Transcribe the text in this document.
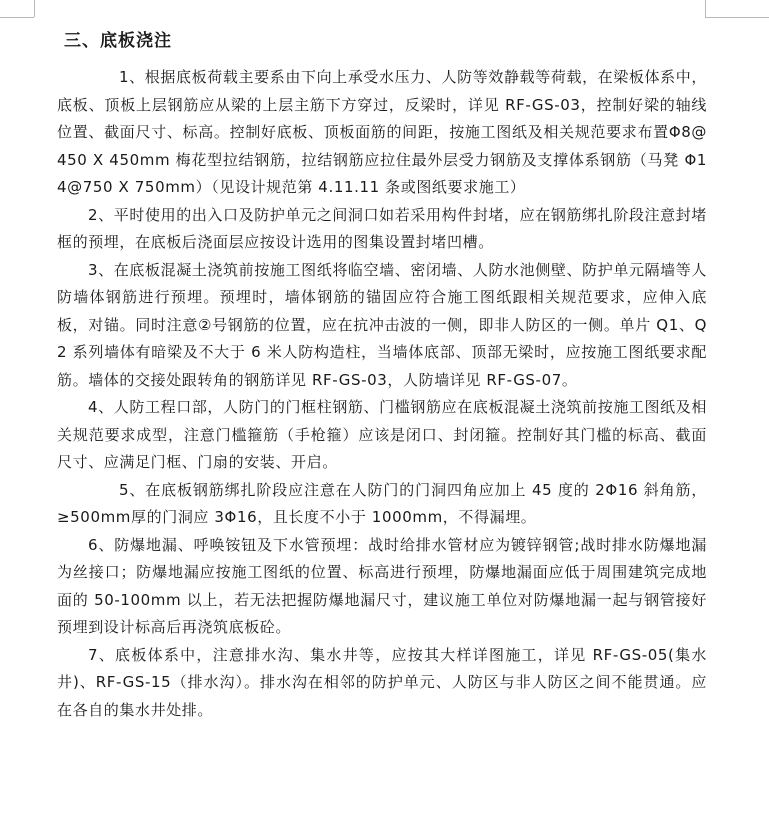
三、底板浇注

1、根据底板荷载主要系由下向上承受水压力、人防等效静载等荷载，在梁板体系中，底板、顶板上层钢筋应从梁的上层主筋下方穿过，反梁时，详见 RF-GS-03，控制好梁的轴线位置、截面尺寸、标高。控制好底板、顶板面筋的间距，按施工图纸及相关规范要求布置Φ8@450 X 450mm 梅花型拉结钢筋，拉结钢筋应拉住最外层受力钢筋及支撑体系钢筋（马凳 Φ14@750 X 750mm）（见设计规范第 4.11.11 条或图纸要求施工）

2、平时使用的出入口及防护单元之间洞口如若采用构件封堵，应在钢筋绑扎阶段注意封堵框的预埋，在底板后浇面层应按设计选用的图集设置封堵凹槽。

3、在底板混凝土浇筑前按施工图纸将临空墙、密闭墙、人防水池侧壁、防护单元隔墙等人防墙体钢筋进行预埋。预埋时，墙体钢筋的锚固应符合施工图纸跟相关规范要求，应伸入底板，对锚。同时注意②号钢筋的位置，应在抗冲击波的一侧，即非人防区的一侧。单片 Q1、Q2 系列墙体有暗梁及不大于 6 米人防构造柱，当墙体底部、顶部无梁时，应按施工图纸要求配筋。墙体的交接处跟转角的钢筋详见 RF-GS-03，人防墙详见 RF-GS-07。

4、人防工程口部，人防门的门框柱钢筋、门槛钢筋应在底板混凝土浇筑前按施工图纸及相关规范要求成型，注意门槛箍筋（手枪箍）应该是闭口、封闭箍。控制好其门槛的标高、截面尺寸、应满足门框、门扇的安装、开启。

5、在底板钢筋绑扎阶段应注意在人防门的门洞四角应加上 45 度的 2Φ16 斜角筋，≥500mm厚的门洞应 3Φ16，且长度不小于 1000mm，不得漏埋。

6、防爆地漏、呼唤铵钮及下水管预埋：战时给排水管材应为镀锌钢管;战时排水防爆地漏为丝接口；防爆地漏应按施工图纸的位置、标高进行预埋，防爆地漏面应低于周围建筑完成地面的 50-100mm 以上，若无法把握防爆地漏尺寸，建议施工单位对防爆地漏一起与钢管接好预埋到设计标高后再浇筑底板砼。

7、底板体系中，注意排水沟、集水井等，应按其大样详图施工，详见 RF-GS-05(集水井)、RF-GS-15（排水沟）。排水沟在相邻的防护单元、人防区与非人防区之间不能贯通。应在各自的集水井处排。
